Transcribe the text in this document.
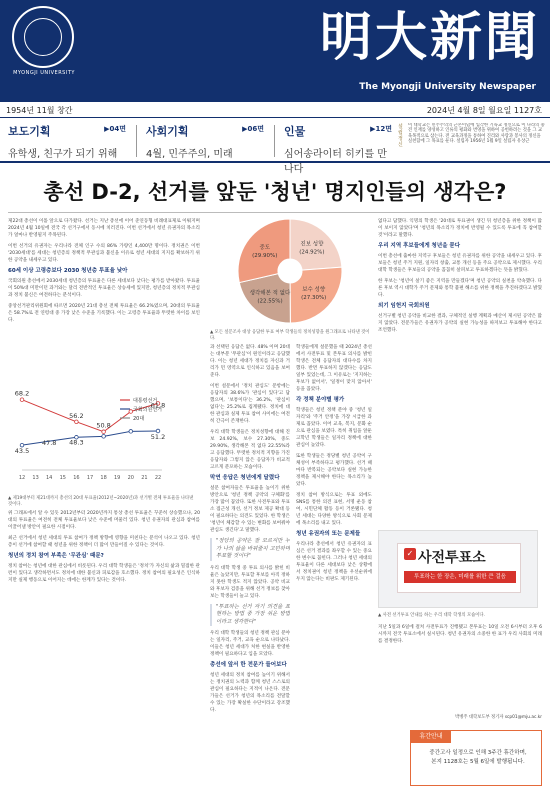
MYONGJI UNIVERSITY
明大新聞
The Myongji University Newspaper
1954년 11월 창간	2024년 4월 8일 월요일 1127호
보도기획	▶04면
유학생, 친구가 되기 위해
사회기획	▶06면
4월, 민주주의, 미래
인물	▶12면
심어송라이터 히키를 만나다
설립정신
이 대학교는 민주주의의 근본이념에 입각한 기독교 정신으로 이 나라의 중견 인재를 양성하고 인류의 평화와 번영을 위하여 공헌하려는 것을 그 교육목적으로 삼는다. 전 교육과정을 통하여 진리와 사랑과 봉사의 정신을 실천함에 그 목표를 둔다. 설립자 1956년 1월 9일 설립자 유상근
총선 D-2, 선거를 앞둔 '청년' 명지인들의 생각은?

제22대 총선이 이틀 앞으로 다가왔다. 선거는 지난 총선에 이어 준연동형 비례대표제로 이뤄지며 2024년 4월 10일에 전국 각 선거구에서 동시에 치러진다. 이번 선거에서 청년 유권자의 목소리가 얼마나 반영될지 주목된다.

이번 선거의 유권자는 우리나라 전체 인구 수의 86% 가량인 4,400만 명이다. 정치권은 이번 '2030세대'를 세대는 청년층의 정책적 무관심과 불신을 이유로 청년 세대의 지지를 확보하기 위한 공약을 내세우고 있다.

60세 이상 고령층보다 2030 청년층 투표율 낮아

국회의원 총선에서 2030세대 청년층의 투표율은 다른 세대보다 낮다는 평가를 받아왔다. 투표율이 50%대 미만이던 과거와는 달리 전반적인 투표율은 상승세에 있지만, 청년층의 정치적 무관심과 정치 불신은 여전하다는 분석이다.

중앙선거관리위원회에 따르면 2020년 21대 총선 전체 투표율은 66.2%였으며, 20대의 투표율은 58.7%로 전 연령대 중 가장 낮은 수준을 기록했다. 이는 고령층 투표율과 뚜렷한 차이를 보인다.

12 13 14 15 16 17 18 19 20 21 22
68.2
56.2
61.8
43.5
47.8 48.3
50.8
51.2
대통령선거
국회의원선거
20대
▲ 제19대부터 제21대까지 총선의 20대 투표율(2012년~2020년)과 선거별 전체 투표율을 나타낸 것이다.

위 그래프에서 알 수 있듯 2012년부터 2020년까지 통상 총선 투표율은 꾸준히 상승했으나, 20대의 투표율은 여전히 전체 투표율보다 낮은 수준에 머물러 있다. 청년 유권자의 관심과 참여를 이끌어낼 방안이 필요한 시점이다.

최근 선거에서 청년 세대의 투표 참여가 정책 방향에 영향을 미친다는 분석이 나오고 있다. 청년층이 선거에 참여할 때 청년을 위한 정책이 더 많이 만들어질 수 있다는 것이다.

청년의 정치 참여 부족은 '무관심' 때문?

정치 참여는 청년에 대한 관심에서 비롯된다. 우리 대학 학생들은 '정치'가 자신의 삶과 밀접한 관련이 있다고 생각하면서도 정치에 대한 불신과 피로감을 호소했다. 정치 참여의 필요성은 인식하지만 실제 행동으로 이어지는 데에는 한계가 있다는 것이다.

진보 성향
(24.92%)
보수 성향
(27.30%)
생각해본 적 없다
(22.55%)
중도
(29.90%)
▲ 모든 설문조사 대상 응답한 투표 여부 학생들의 정치성향을 원그래프로 나타낸 것이다.

과 선택된 응답은 없다. 48% 이며 20대는 대부분 '무관심'이 원인이라고 응답했다. 이는 청년 세대가 정치를 자신과 거리가 먼 영역으로 인식하고 있음을 보여준다.

이번 설문에서 '정치 관심도' 문항에는 응답자의 38.6%가 '관심이 있다'고 답했으며, '보통이다'는 36.2%, '관심이 없다'는 25.2%로 집계됐다. 정치에 대한 관심과 실제 투표 참여 사이에는 여전히 간극이 존재한다.

우리 대학 학생들은 정치성향에 대해 진보 24.92%, 보수 27.30%, 중도 29.90%, 생각해본 적 없다 22.55%라고 응답했다. 뚜렷한 정치적 지향을 가진 응답자와 그렇지 않은 응답자가 비교적 고르게 분포하는 모습이다.

막연 응답은 청년에게 달렸다

설문 참여자들은 투표율을 높이기 위한 방안으로 '청년 정책 공약의 구체화'를 가장 많이 꼽았다. 또한 사전투표와 투표소 접근성 개선, 선거 정보 제공 확대 등이 필요하다는 의견도 있었다. 한 학생은 '청년이 체감할 수 있는 변화를 보여줘야 관심도 생긴다'고 말했다.

"정당의 공약은 잘 모르지만 누가 나의 삶을 바꿔줄지 고민하며 투표할 것이다"

우리 대학 학생 중 투표 의사를 밝힌 비율은 높았지만, 투표할 후보를 아직 정하지 못한 학생도 적지 않았다. 공약 비교와 후보자 검증을 위해 선거 정보를 찾아보는 학생들이 늘고 있다.

"투표하는 선거 자기 의견을 표현하는 방법 중 가장 쉬운 방법이라고 생각한다"

우리 대학 학생들의 청년 정책 관심 분야는 일자리, 주거, 교육 순으로 나타났다. 이들은 청년 세대가 처한 현실을 반영한 정책이 필요하다고 입을 모았다.

총선에 앞서 한 전문가 들어보다

청년 세대의 정치 참여를 높이기 위해서는 정치권의 노력과 함께 청년 스스로의 관심이 필요하다는 지적이 나온다. 전문가들은 선거가 청년의 목소리를 전달할 수 있는 가장 확실한 수단이라고 강조했다.

없다고 답했다. 익명의 학생은 '20대로 투표권이 생긴 뒤 청년층을 위한 정책이 많이 보이지 않았다'며 '청년의 목소리가 정치에 반영될 수 있도록 투표에 꼭 참여할 것'이라고 말했다.

우리 지역 후보들에게 청년을 묻다

이번 총선에 출마한 지역구 후보들은 청년 유권자를 위한 공약을 내세우고 있다. 후보들은 청년 주거 지원, 일자리 창출, 교통 개선 등을 주요 공약으로 제시했다. 우리 대학 학생들은 후보들의 공약을 꼼꼼히 살펴보고 투표하겠다는 뜻을 밝혔다.

한 후보는 '청년이 살기 좋은 지역을 만들겠다'며 청년 공약의 실천을 약속했다. 다른 후보 역시 대학가 주거 문제와 통학 불편 해소를 위한 정책을 추진하겠다고 밝혔다.

외기 임헌지 국회의원

선거구별 청년 공약을 비교한 결과, 구체적인 실행 계획과 예산이 제시된 공약은 많지 않았다. 전문가들은 유권자가 공약의 실현 가능성을 따져보고 투표해야 한다고 조언했다.

✓ 사전투표소
투표하는 한 장은, 미래를 위한 큰 걸음
▲ 사전 선거투표 안내를 하는 우리 대학 학생의 모습이다.

지난 5일과 6일에 걸쳐 사전투표가 진행됐고 본투표는 10일 오전 6시부터 오후 6시까지 전국 투표소에서 실시된다. 청년 유권자의 소중한 한 표가 우리 사회의 미래를 결정한다.

박병주 대학보도부 정기자 scp01@mju.ac.kr
휴간안내
중간고사 일정으로 인해 3주간 휴간하며,
본지 1128호는 5월 6일에 발행됩니다.

학생들에게 설문했을 때 2024년 총선에서 사전투표 및 본투표 의사를 밝힌 학생은 전체 응답자의 대다수를 차지했다. 반면 투표하지 않겠다는 응답도 일부 있었는데, 그 이유로는 '지지하는 후보가 없어서', '일정이 맞지 않아서' 등을 꼽았다.

각 정책 분야별 평가

학생들은 청년 정책 분야 중 '청년 일자리'와 '주거 안정'을 가장 시급한 과제로 꼽았다. 이어 교육, 복지, 문화 순으로 관심을 보였다. 특히 취업을 앞둔 고학년 학생들은 일자리 정책에 대한 관심이 높았다.

또한 학생들은 정당별 청년 공약이 구체성이 부족하다고 평가했다. 선거 때마다 반복되는 공약보다 실현 가능한 정책을 제시해야 한다는 목소리가 높았다.

정치 참여 방식으로는 투표 외에도 SNS를 통한 의견 표현, 서명 운동 참여, 시민단체 활동 등이 거론됐다. 청년 세대는 다양한 방식으로 사회 문제에 목소리를 내고 있다.

청년 유권자의 또는 문제들

우리나라 총선에서 청년 유권자의 표심은 선거 결과를 좌우할 수 있는 중요한 변수로 꼽힌다. 그러나 청년 세대의 투표율이 다른 세대보다 낮은 상황에서 정치권이 청년 정책을 우선순위에 두지 않는다는 비판도 제기된다.
